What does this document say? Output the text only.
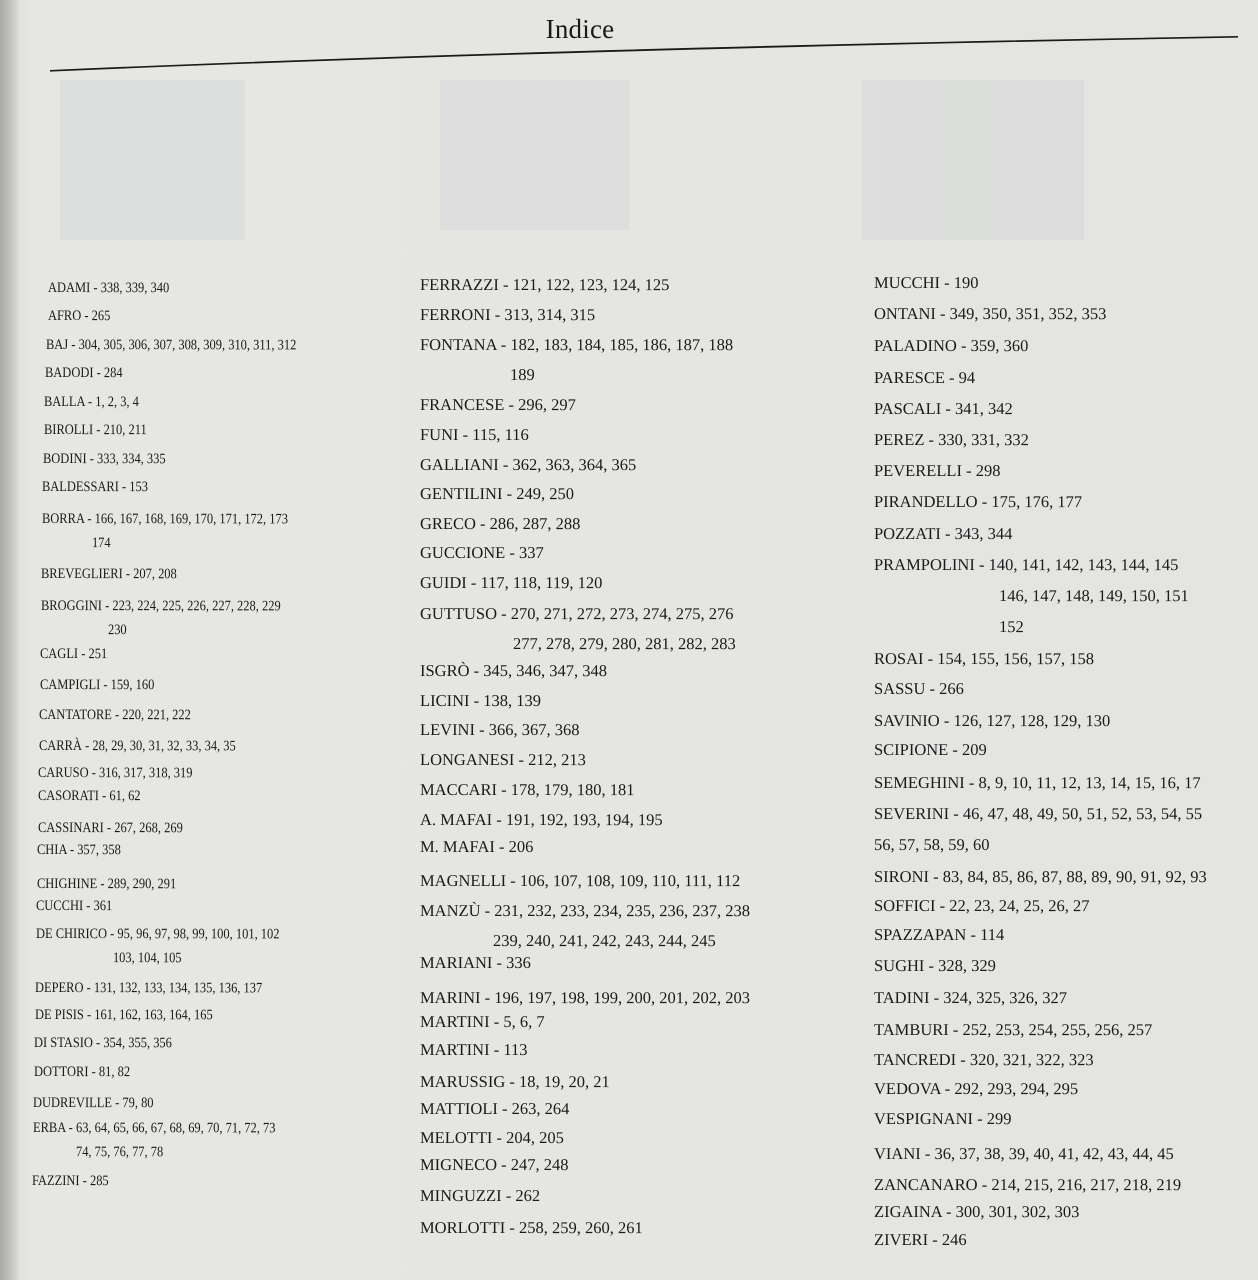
Indice
ADAMI - 338, 339, 340
AFRO - 265
BAJ - 304, 305, 306, 307, 308, 309, 310, 311, 312
BADODI - 284
BALLA - 1, 2, 3, 4
BIROLLI - 210, 211
BODINI - 333, 334, 335
BALDESSARI - 153
BORRA - 166, 167, 168, 169, 170, 171, 172, 173
174
BREVEGLIERI - 207, 208
BROGGINI - 223, 224, 225, 226, 227, 228, 229
230
CAGLI - 251
CAMPIGLI - 159, 160
CANTATORE - 220, 221, 222
CARRÀ - 28, 29, 30, 31, 32, 33, 34, 35
CARUSO - 316, 317, 318, 319
CASORATI - 61, 62
CASSINARI - 267, 268, 269
CHIA - 357, 358
CHIGHINE - 289, 290, 291
CUCCHI - 361
DE CHIRICO - 95, 96, 97, 98, 99, 100, 101, 102
103, 104, 105
DEPERO - 131, 132, 133, 134, 135, 136, 137
DE PISIS - 161, 162, 163, 164, 165
DI STASIO - 354, 355, 356
DOTTORI - 81, 82
DUDREVILLE - 79, 80
ERBA - 63, 64, 65, 66, 67, 68, 69, 70, 71, 72, 73
74, 75, 76, 77, 78
FAZZINI - 285
FERRAZZI - 121, 122, 123, 124, 125
FERRONI - 313, 314, 315
FONTANA - 182, 183, 184, 185, 186, 187, 188
189
FRANCESE - 296, 297
FUNI - 115, 116
GALLIANI - 362, 363, 364, 365
GENTILINI - 249, 250
GRECO - 286, 287, 288
GUCCIONE - 337
GUIDI - 117, 118, 119, 120
GUTTUSO - 270, 271, 272, 273, 274, 275, 276
277, 278, 279, 280, 281, 282, 283
ISGRÒ - 345, 346, 347, 348
LICINI - 138, 139
LEVINI - 366, 367, 368
LONGANESI - 212, 213
MACCARI - 178, 179, 180, 181
A. MAFAI - 191, 192, 193, 194, 195
M. MAFAI - 206
MAGNELLI - 106, 107, 108, 109, 110, 111, 112
MANZÙ - 231, 232, 233, 234, 235, 236, 237, 238
239, 240, 241, 242, 243, 244, 245
MARIANI - 336
MARINI - 196, 197, 198, 199, 200, 201, 202, 203
MARTINI - 5, 6, 7
MARTINI - 113
MARUSSIG - 18, 19, 20, 21
MATTIOLI - 263, 264
MELOTTI - 204, 205
MIGNECO - 247, 248
MINGUZZI - 262
MORLOTTI - 258, 259, 260, 261
MUCCHI - 190
ONTANI - 349, 350, 351, 352, 353
PALADINO - 359, 360
PARESCE - 94
PASCALI - 341, 342
PEREZ - 330, 331, 332
PEVERELLI - 298
PIRANDELLO - 175, 176, 177
POZZATI - 343, 344
PRAMPOLINI - 140, 141, 142, 143, 144, 145
146, 147, 148, 149, 150, 151
152
ROSAI - 154, 155, 156, 157, 158
SASSU - 266
SAVINIO - 126, 127, 128, 129, 130
SCIPIONE - 209
SEMEGHINI - 8, 9, 10, 11, 12, 13, 14, 15, 16, 17
SEVERINI - 46, 47, 48, 49, 50, 51, 52, 53, 54, 55
56, 57, 58, 59, 60
SIRONI - 83, 84, 85, 86, 87, 88, 89, 90, 91, 92, 93
SOFFICI - 22, 23, 24, 25, 26, 27
SPAZZAPAN - 114
SUGHI - 328, 329
TADINI - 324, 325, 326, 327
TAMBURI - 252, 253, 254, 255, 256, 257
TANCREDI - 320, 321, 322, 323
VEDOVA - 292, 293, 294, 295
VESPIGNANI - 299
VIANI - 36, 37, 38, 39, 40, 41, 42, 43, 44, 45
ZANCANARO - 214, 215, 216, 217, 218, 219
ZIGAINA - 300, 301, 302, 303
ZIVERI - 246
